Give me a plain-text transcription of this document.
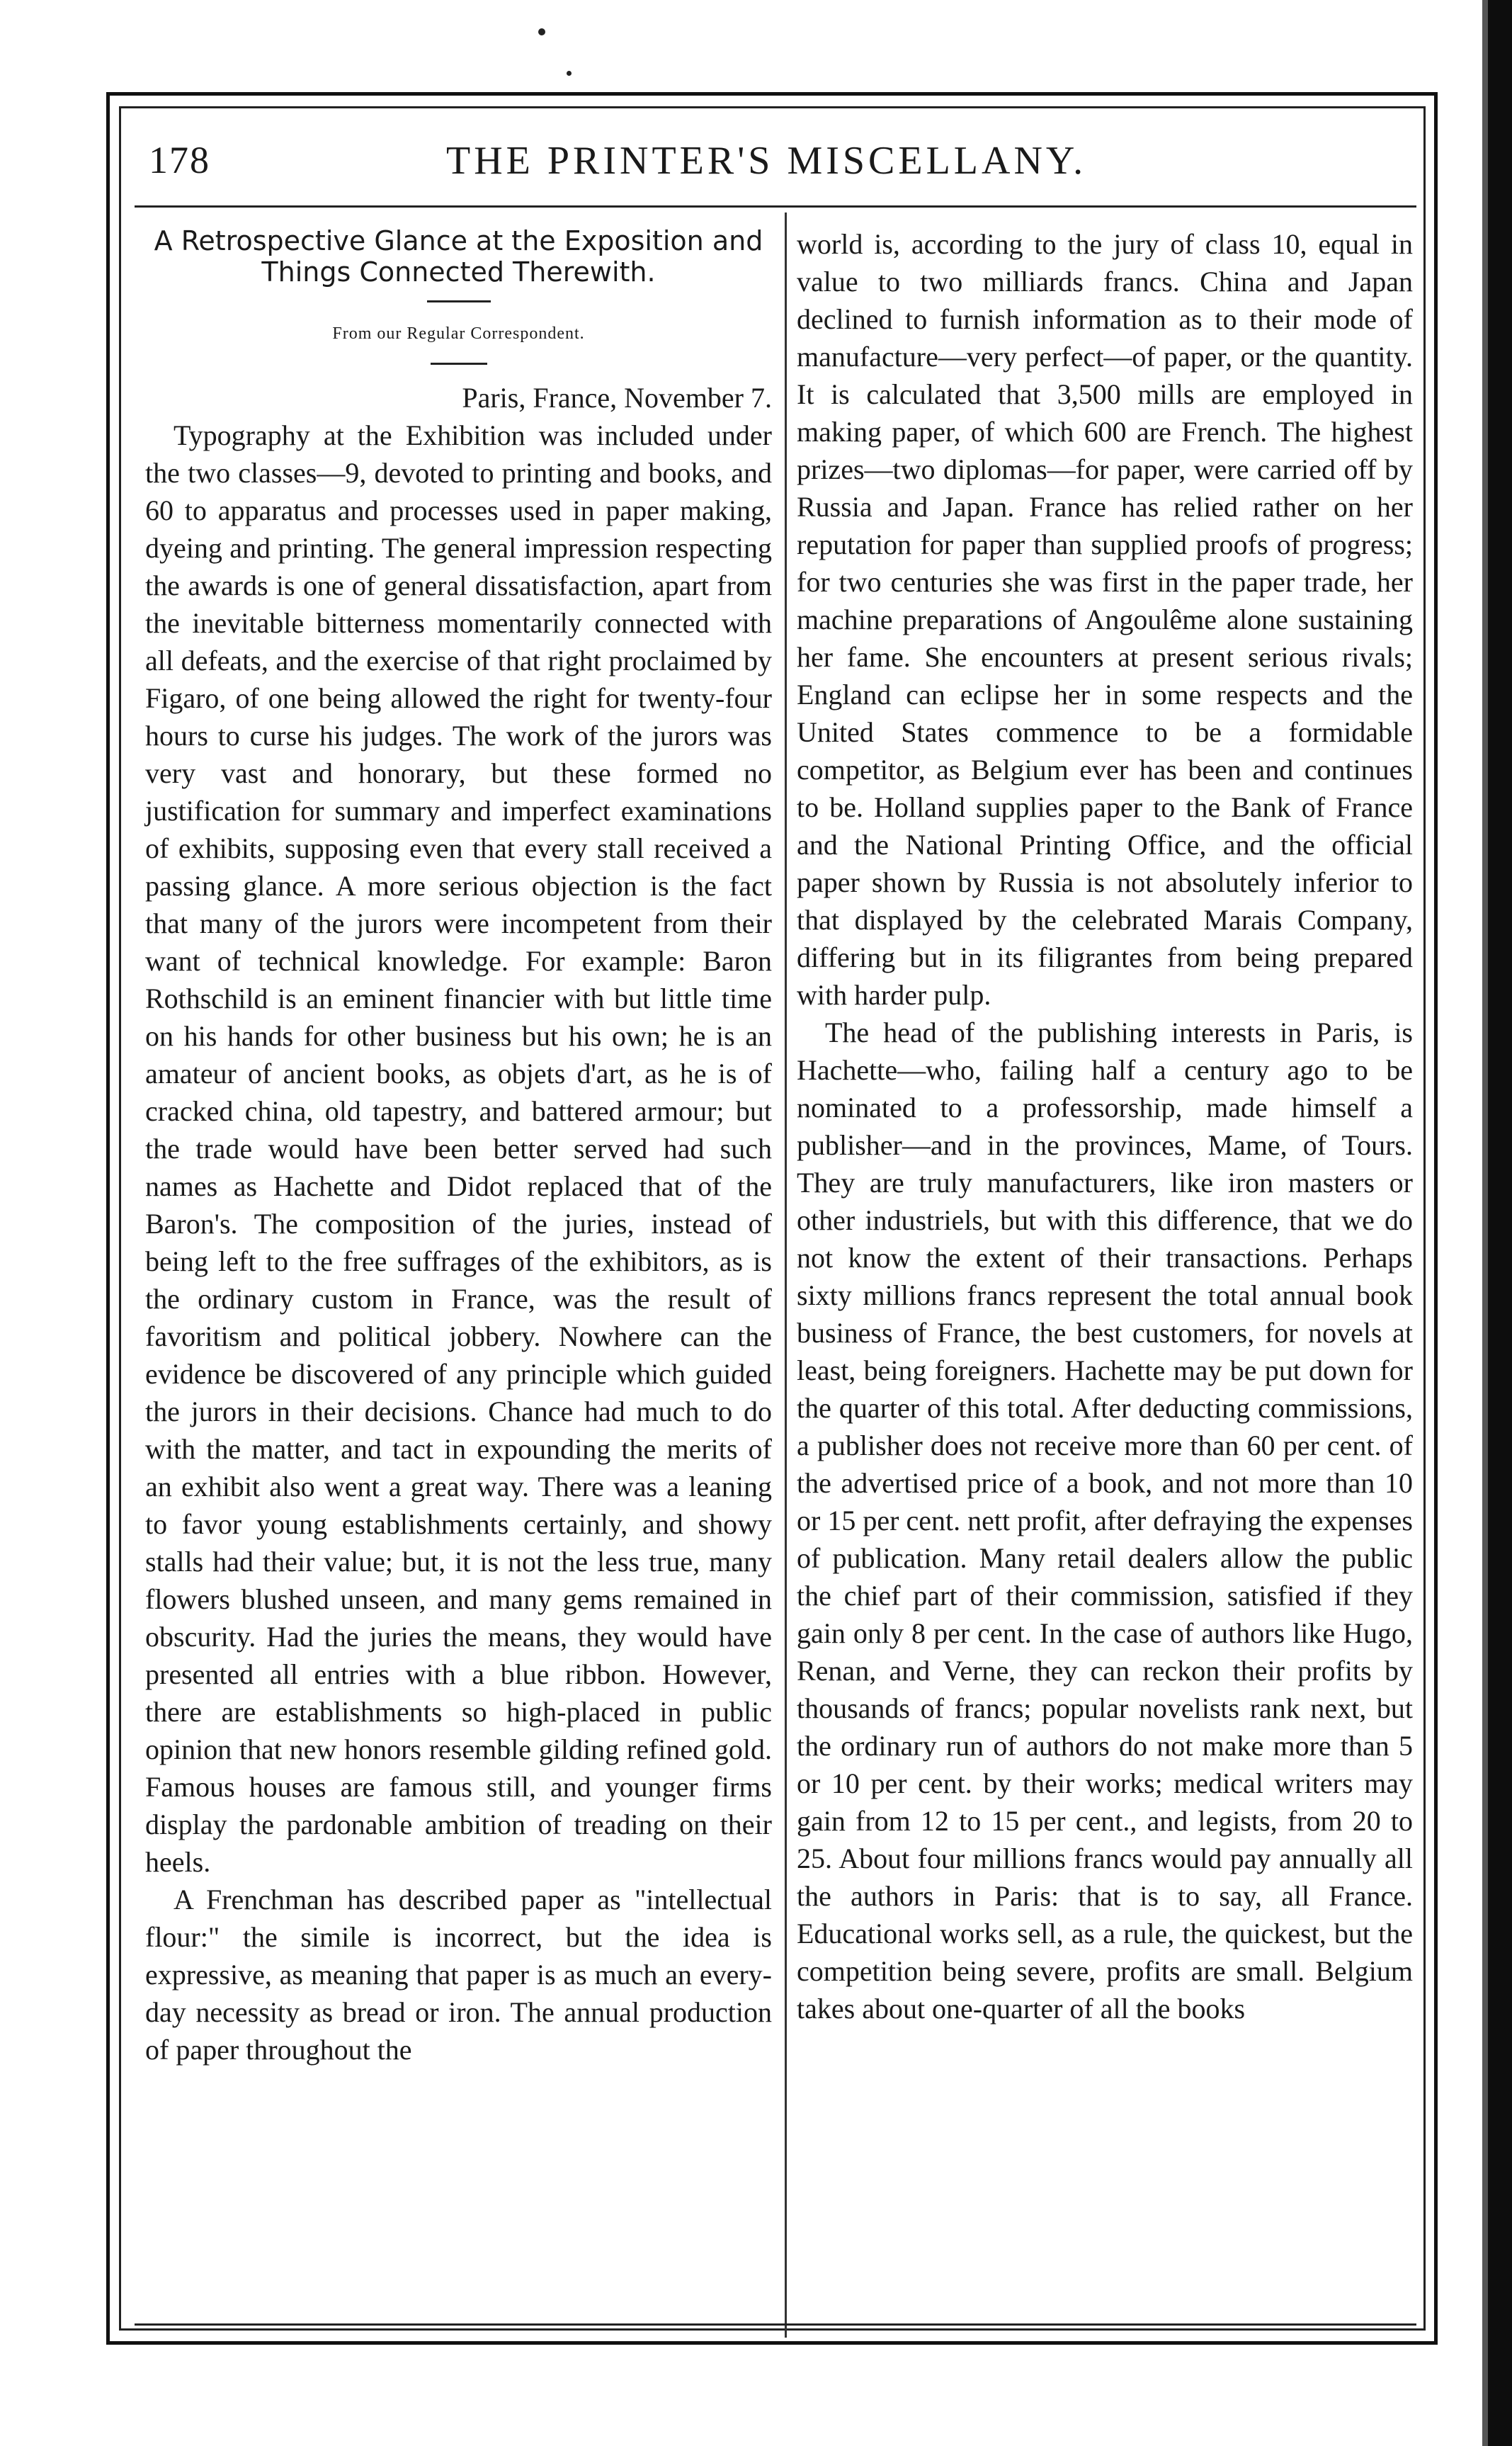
178	THE PRINTER'S MISCELLANY.
A Retrospective Glance at the Exposition and Things Connected Therewith.

From our Regular Correspondent.

Paris, France, November 7.

Typography at the Exhibition was included under the two classes—9, devoted to printing and books, and 60 to apparatus and processes used in paper making, dyeing and printing. The general impression respecting the awards is one of general dissatisfaction, apart from the inevitable bitterness momentarily connected with all defeats, and the exercise of that right proclaimed by Figaro, of one being allowed the right for twenty-four hours to curse his judges. The work of the jurors was very vast and honorary, but these formed no justification for summary and imperfect examinations of exhibits, supposing even that every stall received a passing glance. A more serious objection is the fact that many of the jurors were incompetent from their want of technical knowledge. For example: Baron Rothschild is an eminent financier with but little time on his hands for other business but his own; he is an amateur of ancient books, as objets d'art, as he is of cracked china, old tapestry, and battered armour; but the trade would have been better served had such names as Hachette and Didot replaced that of the Baron's. The composition of the juries, instead of being left to the free suffrages of the exhibitors, as is the ordinary custom in France, was the result of favoritism and political jobbery. Nowhere can the evidence be discovered of any principle which guided the jurors in their decisions. Chance had much to do with the matter, and tact in expounding the merits of an exhibit also went a great way. There was a leaning to favor young establishments certainly, and showy stalls had their value; but, it is not the less true, many flowers blushed unseen, and many gems remained in obscurity. Had the juries the means, they would have presented all entries with a blue ribbon. However, there are establishments so high-placed in public opinion that new honors resemble gilding refined gold. Famous houses are famous still, and younger firms display the pardonable ambition of treading on their heels.

A Frenchman has described paper as "intellectual flour:" the simile is incorrect, but the idea is expressive, as meaning that paper is as much an every-day necessity as bread or iron. The annual production of paper throughout the

world is, according to the jury of class 10, equal in value to two milliards francs. China and Japan declined to furnish information as to their mode of manufacture—very perfect—of paper, or the quantity. It is calculated that 3,500 mills are employed in making paper, of which 600 are French. The highest prizes—two diplomas—for paper, were carried off by Russia and Japan. France has relied rather on her reputation for paper than supplied proofs of progress; for two centuries she was first in the paper trade, her machine preparations of Angoulême alone sustaining her fame. She encounters at present serious rivals; England can eclipse her in some respects and the United States commence to be a formidable competitor, as Belgium ever has been and continues to be. Holland supplies paper to the Bank of France and the National Printing Office, and the official paper shown by Russia is not absolutely inferior to that displayed by the celebrated Marais Company, differing but in its filigrantes from being prepared with harder pulp.

The head of the publishing interests in Paris, is Hachette—who, failing half a century ago to be nominated to a professorship, made himself a publisher—and in the provinces, Mame, of Tours. They are truly manufacturers, like iron masters or other industriels, but with this difference, that we do not know the extent of their transactions. Perhaps sixty millions francs represent the total annual book business of France, the best customers, for novels at least, being foreigners. Hachette may be put down for the quarter of this total. After deducting commissions, a publisher does not receive more than 60 per cent. of the advertised price of a book, and not more than 10 or 15 per cent. nett profit, after defraying the expenses of publication. Many retail dealers allow the public the chief part of their commission, satisfied if they gain only 8 per cent. In the case of authors like Hugo, Renan, and Verne, they can reckon their profits by thousands of francs; popular novelists rank next, but the ordinary run of authors do not make more than 5 or 10 per cent. by their works; medical writers may gain from 12 to 15 per cent., and legists, from 20 to 25. About four millions francs would pay annually all the authors in Paris: that is to say, all France. Educational works sell, as a rule, the quickest, but the competition being severe, profits are small. Belgium takes about one-quarter of all the books
